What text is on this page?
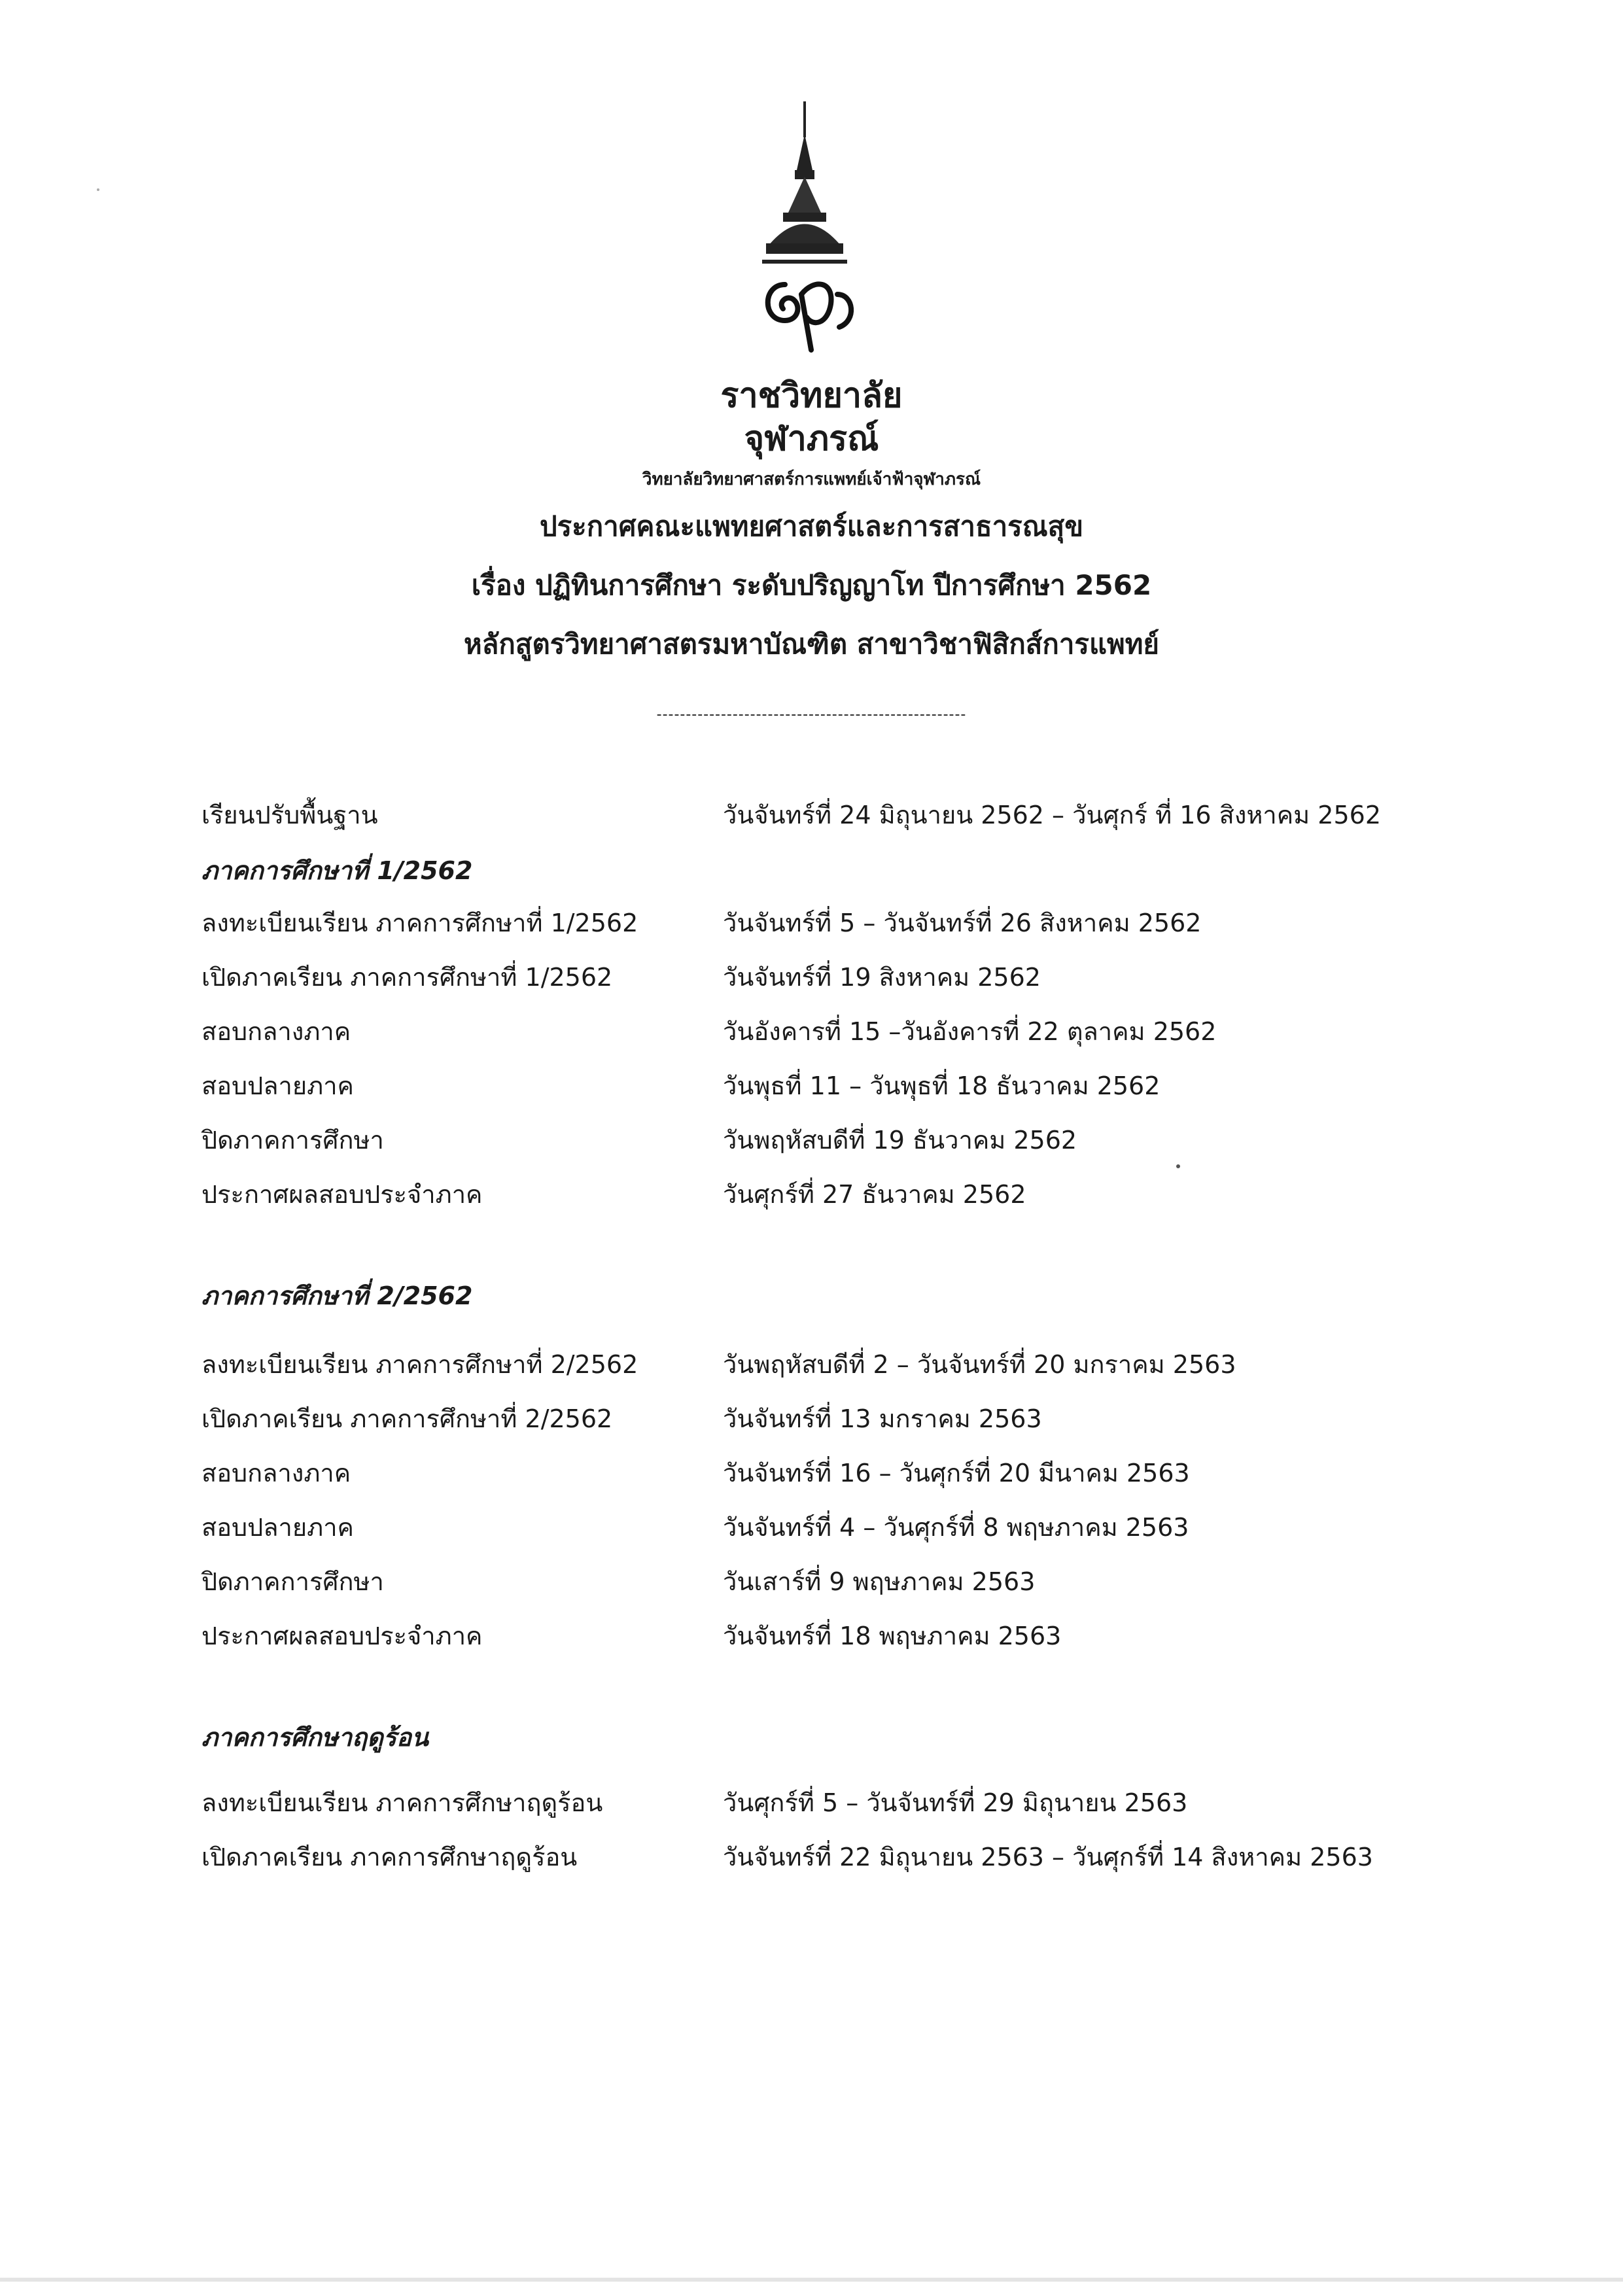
ราชวิทยาลัย
จุฬาภรณ์
วิทยาลัยวิทยาศาสตร์การแพทย์เจ้าฟ้าจุฬาภรณ์
ประกาศคณะแพทยศาสตร์และการสาธารณสุข
เรื่อง ปฏิทินการศึกษา ระดับปริญญาโท ปีการศึกษา 2562
หลักสูตรวิทยาศาสตรมหาบัณฑิต สาขาวิชาฟิสิกส์การแพทย์
-----------------------------------------------------
เรียนปรับพื้นฐาน	วันจันทร์ที่ 24 มิถุนายน 2562 – วันศุกร์ ที่ 16 สิงหาคม 2562
ภาคการศึกษาที่ 1/2562
ลงทะเบียนเรียน ภาคการศึกษาที่ 1/2562	วันจันทร์ที่ 5 – วันจันทร์ที่ 26 สิงหาคม 2562
เปิดภาคเรียน ภาคการศึกษาที่ 1/2562	วันจันทร์ที่ 19 สิงหาคม 2562
สอบกลางภาค	วันอังคารที่ 15 –วันอังคารที่ 22 ตุลาคม 2562
สอบปลายภาค	วันพุธที่ 11 – วันพุธที่ 18 ธันวาคม 2562
ปิดภาคการศึกษา	วันพฤหัสบดีที่ 19 ธันวาคม 2562
ประกาศผลสอบประจำภาค	วันศุกร์ที่ 27 ธันวาคม 2562
ภาคการศึกษาที่ 2/2562
ลงทะเบียนเรียน ภาคการศึกษาที่ 2/2562	วันพฤหัสบดีที่ 2 – วันจันทร์ที่ 20 มกราคม 2563
เปิดภาคเรียน ภาคการศึกษาที่ 2/2562	วันจันทร์ที่ 13 มกราคม 2563
สอบกลางภาค	วันจันทร์ที่ 16 – วันศุกร์ที่ 20 มีนาคม 2563
สอบปลายภาค	วันจันทร์ที่ 4 – วันศุกร์ที่ 8 พฤษภาคม 2563
ปิดภาคการศึกษา	วันเสาร์ที่ 9 พฤษภาคม 2563
ประกาศผลสอบประจำภาค	วันจันทร์ที่ 18 พฤษภาคม 2563
ภาคการศึกษาฤดูร้อน
ลงทะเบียนเรียน ภาคการศึกษาฤดูร้อน	วันศุกร์ที่ 5 – วันจันทร์ที่ 29 มิถุนายน 2563
เปิดภาคเรียน ภาคการศึกษาฤดูร้อน	วันจันทร์ที่ 22 มิถุนายน 2563 – วันศุกร์ที่ 14 สิงหาคม 2563
